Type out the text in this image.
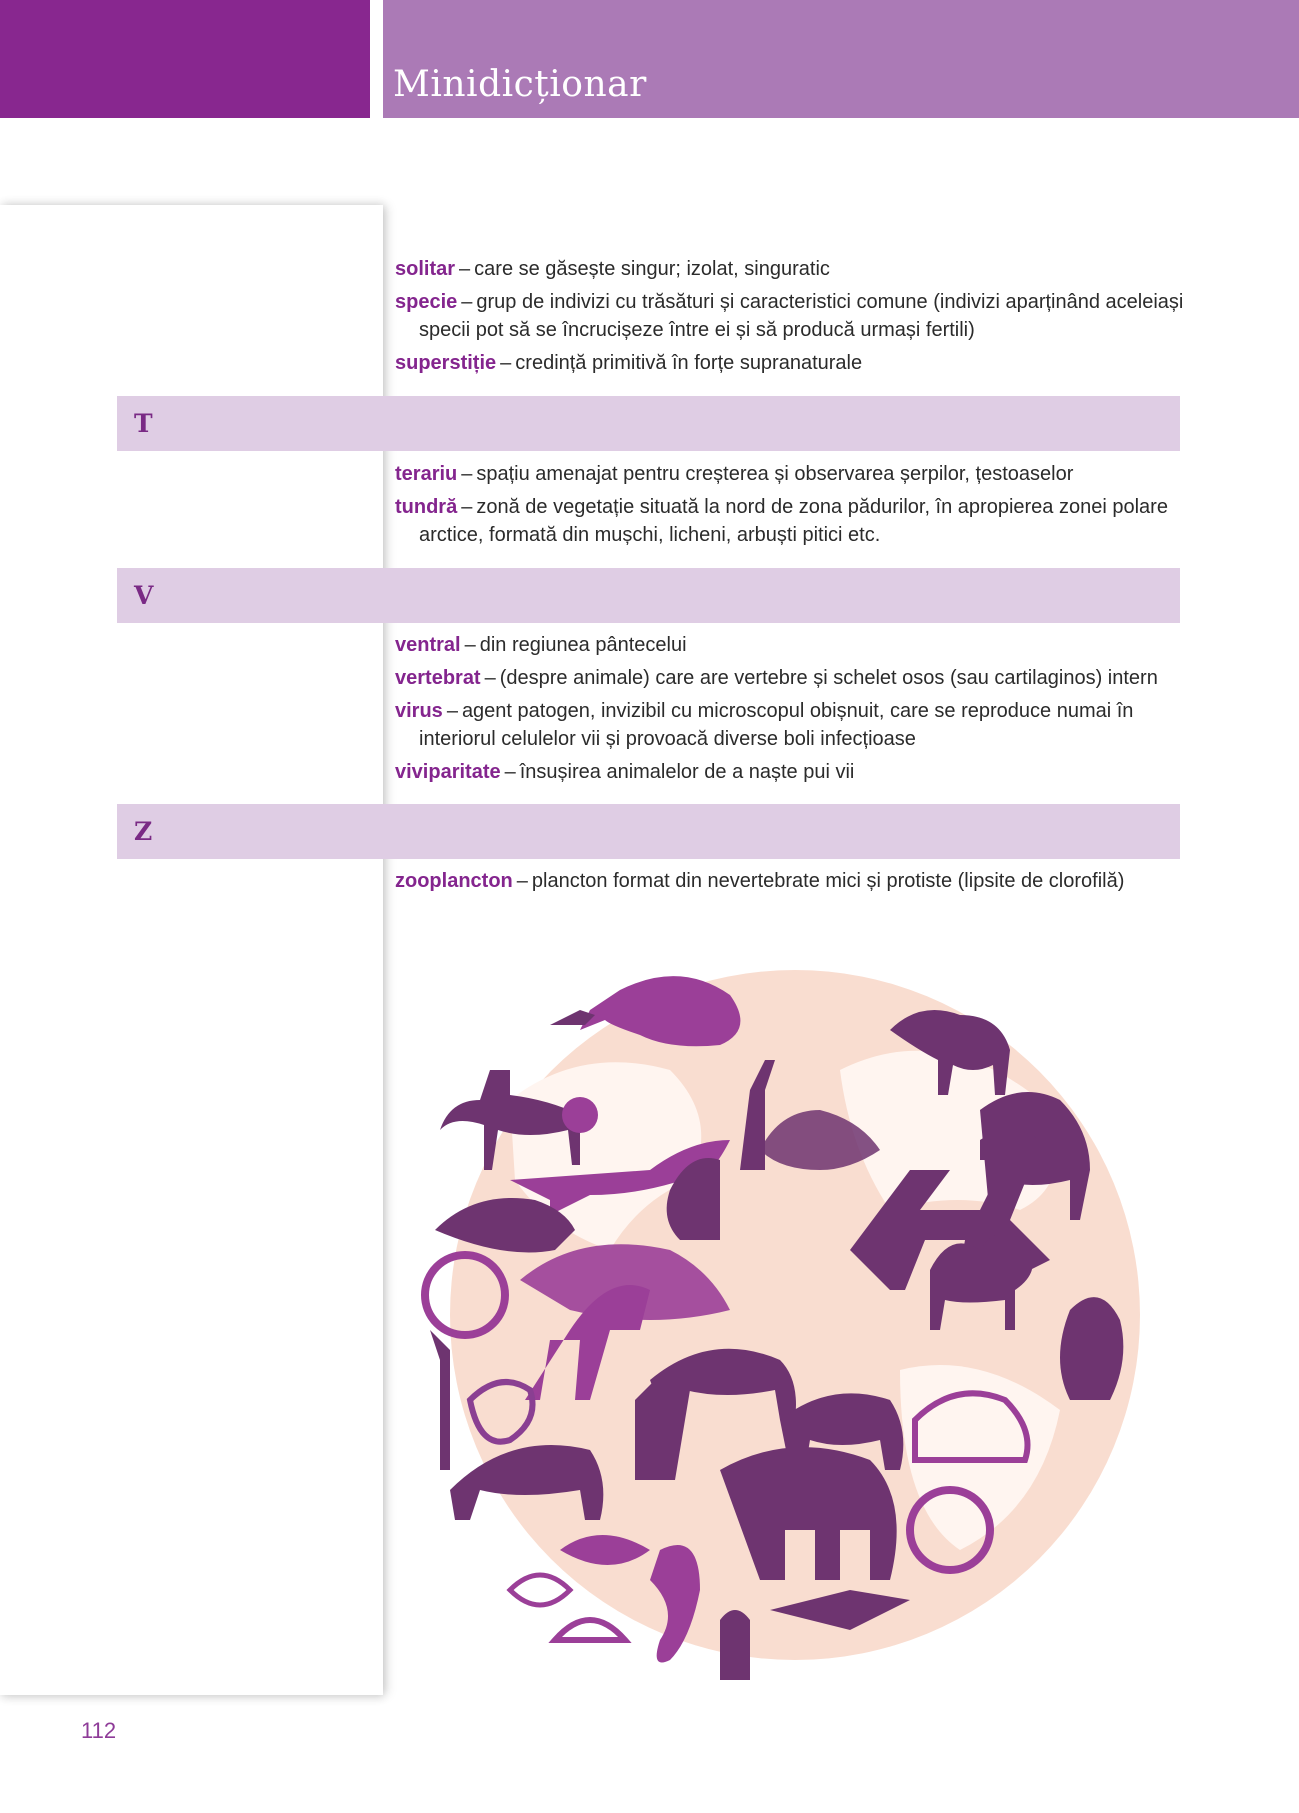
Minidicționar
solitar – care se găsește singur; izolat, singuratic
specie – grup de indivizi cu trăsături și caracteristici comune (indivizi aparținând aceleiași specii pot să se încrucișeze între ei și să producă urmași fertili)
superstiție – credință primitivă în forțe supranaturale
T
terariu – spațiu amenajat pentru creșterea și observarea șerpilor, țestoaselor
tundră – zonă de vegetație situată la nord de zona pădurilor, în apropierea zonei polare arctice, formată din mușchi, licheni, arbuști pitici etc.
V
ventral – din regiunea pântecelui
vertebrat – (despre animale) care are vertebre și schelet osos (sau cartilaginos) intern
virus – agent patogen, invizibil cu microscopul obișnuit, care se reproduce numai în interiorul celulelor vii și provoacă diverse boli infecțioase
viviparitate – însușirea animalelor de a naște pui vii
Z
zooplancton – plancton format din nevertebrate mici și protiste (lipsite de clorofilă)
112
